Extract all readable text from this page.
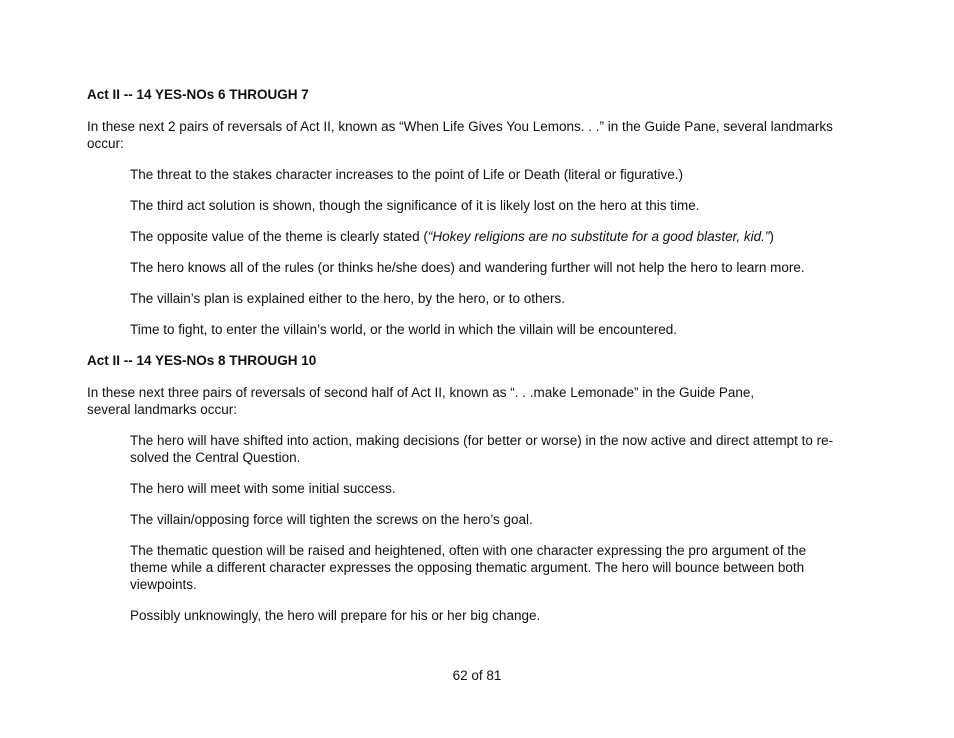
Act II -- 14 YES-NOs 6 THROUGH 7
In these next 2 pairs of reversals of Act II, known as “When Life Gives You Lemons. . .” in the Guide Pane, several landmarks
occur:
The threat to the stakes character increases to the point of Life or Death (literal or figurative.)
The third act solution is shown, though the significance of it is likely lost on the hero at this time.
The opposite value of the theme is clearly stated (“Hokey religions are no substitute for a good blaster, kid.”)
The hero knows all of the rules (or thinks he/she does) and wandering further will not help the hero to learn more.
The villain’s plan is explained either to the hero, by the hero, or to others.
Time to fight, to enter the villain’s world, or the world in which the villain will be encountered.
Act II -- 14 YES-NOs 8 THROUGH 10
In these next three pairs of reversals of second half of Act II, known as “. . .make Lemonade” in the Guide Pane,
several landmarks occur:
The hero will have shifted into action, making decisions (for better or worse) in the now active and direct attempt to re-
solved the Central Question.
The hero will meet with some initial success.
The villain/opposing force will tighten the screws on the hero’s goal.
The thematic question will be raised and heightened, often with one character expressing the pro argument of the
theme while a different character expresses the opposing thematic argument. The hero will bounce between both
viewpoints.
Possibly unknowingly, the hero will prepare for his or her big change.
62 of 81
